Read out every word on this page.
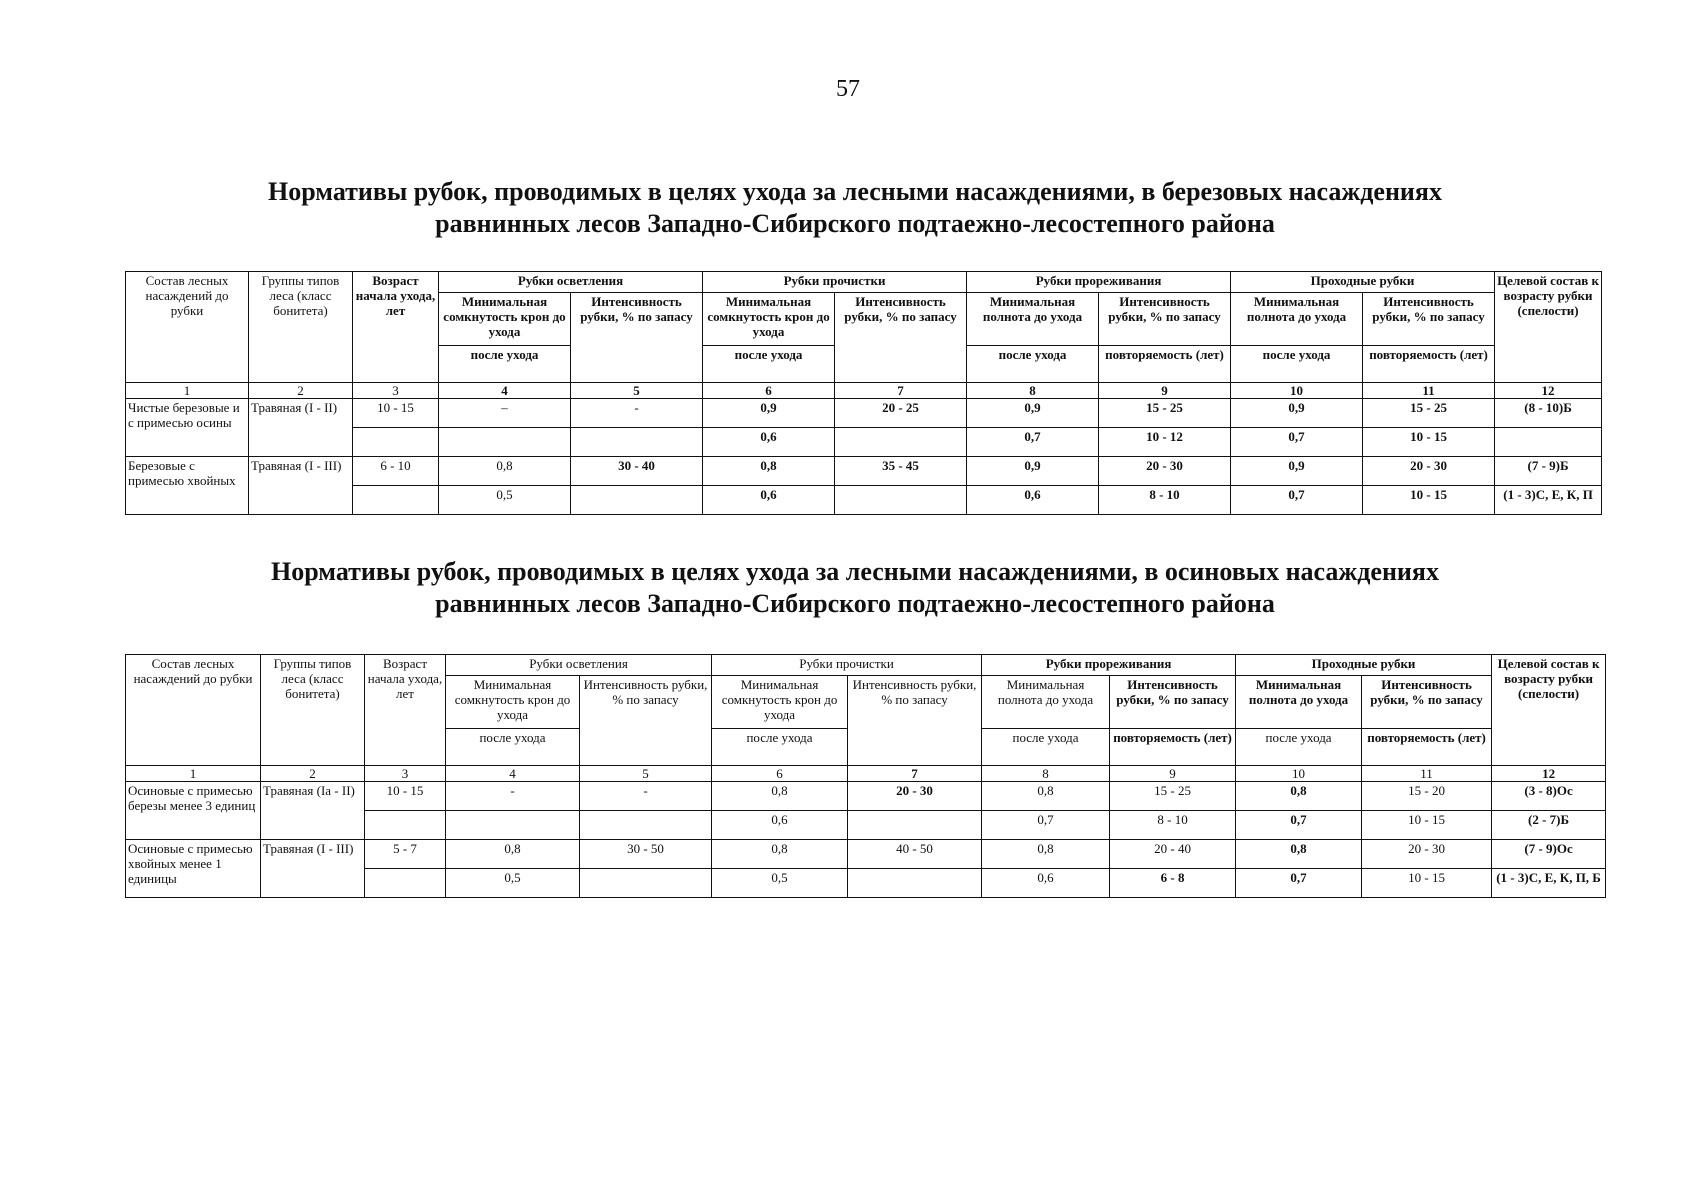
57
Нормативы рубок, проводимых в целях ухода за лесными насаждениями, в березовых насаждениях равнинных лесов Западно-Сибирского подтаежно-лесостепного района
Состав лесных насаждений до рубки	Группы типов леса (класс бонитета)	Возраст начала ухода, лет	Рубки осветления		Рубки прочистки		Рубки прореживания		Проходные рубки		Целевой состав к возрасту рубки (спелости)
			Минимальная сомкнутость крон до ухода	Интенсивность рубки, % по запасу	Минимальная сомкнутость крон до ухода	Интенсивность рубки, % по запасу	Минимальная полнота до ухода	Интенсивность рубки, % по запасу	Минимальная полнота до ухода	Интенсивность рубки, % по запасу	
			после ухода		после ухода		после ухода	повторяемость (лет)	после ухода	повторяемость (лет)	
1	2	3	4	5	6	7	8	9	10	11	12
Чистые березовые и с примесью осины	Травяная (I - II)	10 - 15	–	-	0,9	20 - 25	0,9	15 - 25	0,9	15 - 25	(8 - 10)Б
					0,6		0,7	10 - 12	0,7	10 - 15	
Березовые с примесью хвойных	Травяная (I - III)	6 - 10	0,8	30 - 40	0,8	35 - 45	0,9	20 - 30	0,9	20 - 30	(7 - 9)Б
			0,5		0,6		0,6	8 - 10	0,7	10 - 15	(1 - 3)С, Е, К, П
Нормативы рубок, проводимых в целях ухода за лесными насаждениями, в осиновых насаждениях равнинных лесов Западно-Сибирского подтаежно-лесостепного района
Состав лесных насаждений до рубки	Группы типов леса (класс бонитета)	Возраст начала ухода, лет	Рубки осветления		Рубки прочистки		Рубки прореживания		Проходные рубки		Целевой состав к возрасту рубки (спелости)
			Минимальная сомкнутость крон до ухода	Интенсивность рубки, % по запасу	Минимальная сомкнутость крон до ухода	Интенсивность рубки, % по запасу	Минимальная полнота до ухода	Интенсивность рубки, % по запасу	Минимальная полнота до ухода	Интенсивность рубки, % по запасу	
			после ухода		после ухода		после ухода	повторяемость (лет)	после ухода	повторяемость (лет)	
1	2	3	4	5	6	7	8	9	10	11	12
Осиновые с примесью березы менее 3 единиц	Травяная (Ia - II)	10 - 15	-	-	0,8	20 - 30	0,8	15 - 25	0,8	15 - 20	(3 - 8)Ос
					0,6		0,7	8 - 10	0,7	10 - 15	(2 - 7)Б
Осиновые с примесью хвойных менее 1 единицы	Травяная (I - III)	5 - 7	0,8	30 - 50	0,8	40 - 50	0,8	20 - 40	0,8	20 - 30	(7 - 9)Ос
			0,5		0,5		0,6	6 - 8	0,7	10 - 15	(1 - 3)С, Е, К, П, Б
